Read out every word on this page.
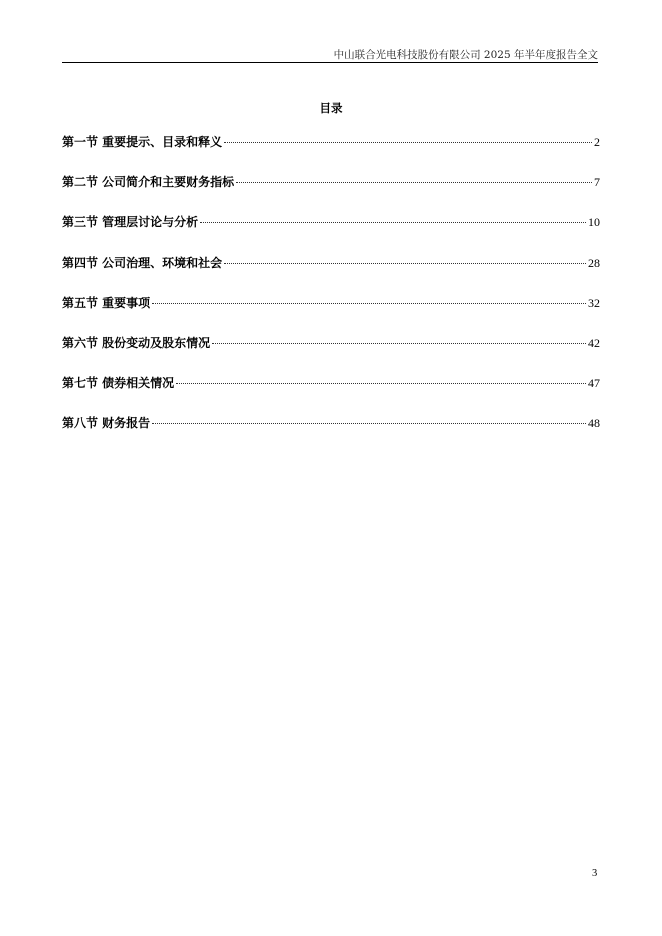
中山联合光电科技股份有限公司 2025 年半年度报告全文
目录
第一节 重要提示、目录和释义	2
第二节 公司简介和主要财务指标	7
第三节 管理层讨论与分析	10
第四节 公司治理、环境和社会	28
第五节 重要事项	32
第六节 股份变动及股东情况	42
第七节 债券相关情况	47
第八节 财务报告	48
3
